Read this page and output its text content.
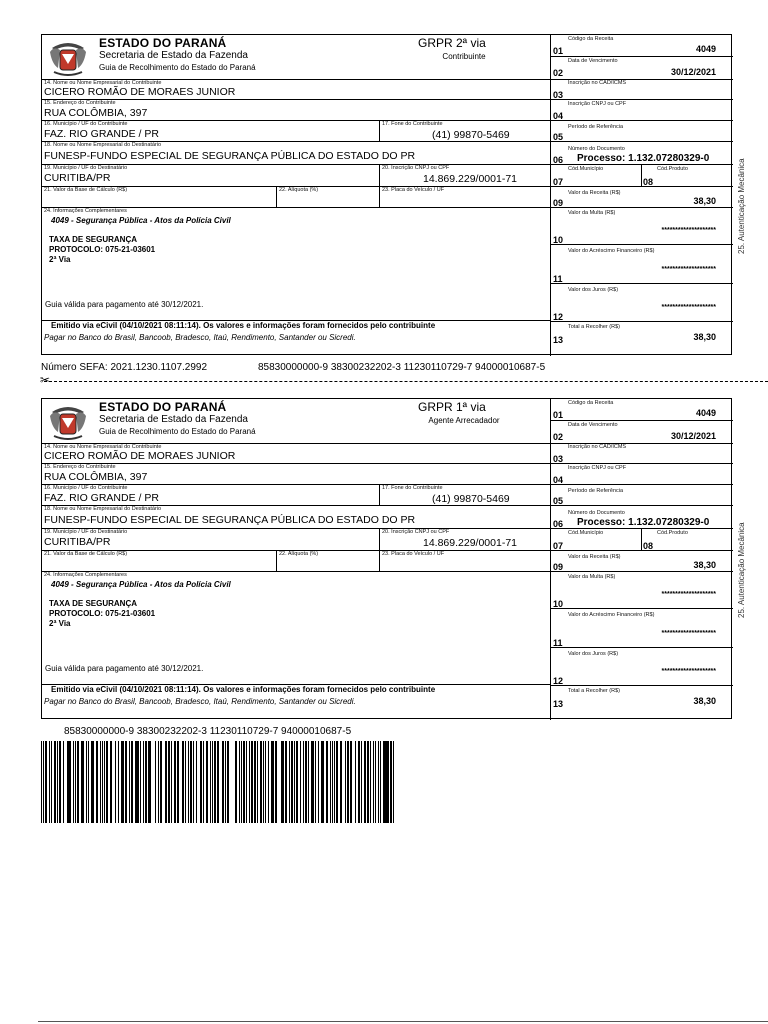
ESTADO DO PARANÁ
Secretaria de Estado da Fazenda
Guia de Recolhimento do Estado do Paraná
GRPR 2ª via
Contribuinte
14. Nome ou Nome Empresarial do Contribuinte
CICERO ROMÃO DE MORAES JUNIOR
15. Endereço do Contribuinte
RUA COLÔMBIA, 397
16. Município / UF do Contribuinte
FAZ. RIO GRANDE / PR
17. Fone do Contribuinte
(41) 99870-5469
18. Nome ou Nome Empresarial do Destinatário
FUNESP-FUNDO ESPECIAL DE SEGURANÇA PÚBLICA DO ESTADO DO PR
19. Município / UF do Destinatário
CURITIBA/PR
20. Inscrição CNPJ ou CPF
14.869.229/0001-71
21. Valor da Base de Cálculo (R$)	22. Alíquota (%)	23. Placa do Veículo / UF
24. Informações Complementares
4049 - Segurança Pública - Atos da Polícia Civil
TAXA DE SEGURANÇA
PROTOCOLO: 075-21-03601
2ª Via
Guia válida para pagamento até 30/12/2021.
Emitido via eCivil (04/10/2021 08:11:14). Os valores e informações foram fornecidos pelo contribuinte
Pagar no Banco do Brasil, Bancoob, Bradesco, Itaú, Rendimento, Santander ou Sicredi.
Código da Receita
01	4049
Data de Vencimento
02	30/12/2021
Inscrição no CAD/ICMS
03
Inscrição CNPJ ou CPF
04
Período de Referência
05
Número do Documento
06 Processo: 1.132.07280329-0
Cód.Município
07
Cód.Produto
08
Valor da Receita (R$)
09	38,30
Valor da Multa (R$)
********************
10
Valor do Acréscimo Financeiro (R$)
********************
11
Valor dos Juros (R$)
********************
12
Total a Recolher (R$)
13	38,30
25. Autenticação Mecânica
ESTADO DO PARANÁ
Secretaria de Estado da Fazenda
Guia de Recolhimento do Estado do Paraná
GRPR 1ª via
Agente Arrecadador
14. Nome ou Nome Empresarial do Contribuinte
CICERO ROMÃO DE MORAES JUNIOR
15. Endereço do Contribuinte
RUA COLÔMBIA, 397
16. Município / UF do Contribuinte
FAZ. RIO GRANDE / PR
17. Fone do Contribuinte
(41) 99870-5469
18. Nome ou Nome Empresarial do Destinatário
FUNESP-FUNDO ESPECIAL DE SEGURANÇA PÚBLICA DO ESTADO DO PR
19. Município / UF do Destinatário
CURITIBA/PR
20. Inscrição CNPJ ou CPF
14.869.229/0001-71
21. Valor da Base de Cálculo (R$)	22. Alíquota (%)	23. Placa do Veículo / UF
24. Informações Complementares
4049 - Segurança Pública - Atos da Polícia Civil
TAXA DE SEGURANÇA
PROTOCOLO: 075-21-03601
2ª Via
Guia válida para pagamento até 30/12/2021.
Emitido via eCivil (04/10/2021 08:11:14). Os valores e informações foram fornecidos pelo contribuinte
Pagar no Banco do Brasil, Bancoob, Bradesco, Itaú, Rendimento, Santander ou Sicredi.
Código da Receita
01	4049
Data de Vencimento
02	30/12/2021
Inscrição no CAD/ICMS
03
Inscrição CNPJ ou CPF
04
Período de Referência
05
Número do Documento
06 Processo: 1.132.07280329-0
Cód.Município
07
Cód.Produto
08
Valor da Receita (R$)
09	38,30
Valor da Multa (R$)
********************
10
Valor do Acréscimo Financeiro (R$)
********************
11
Valor dos Juros (R$)
********************
12
Total a Recolher (R$)
13	38,30
25. Autenticação Mecânica
Número SEFA: 2021.1230.1107.2992	85830000000-9 38300232202-3 11230110729-7 94000010687-5
✂
85830000000-9 38300232202-3 11230110729-7 94000010687-5
